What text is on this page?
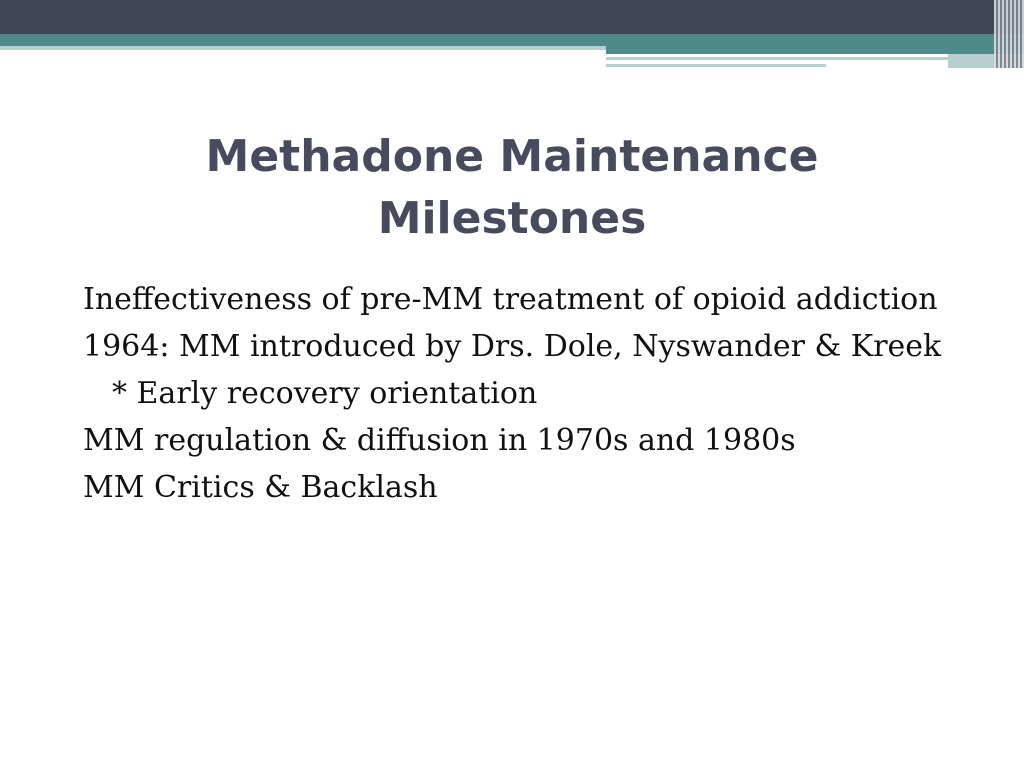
Methadone Maintenance Milestones
Ineffectiveness of pre-MM treatment of opioid addiction
1964: MM introduced by Drs. Dole, Nyswander & Kreek
* Early recovery orientation
MM regulation & diffusion in 1970s and 1980s
MM Critics & Backlash
